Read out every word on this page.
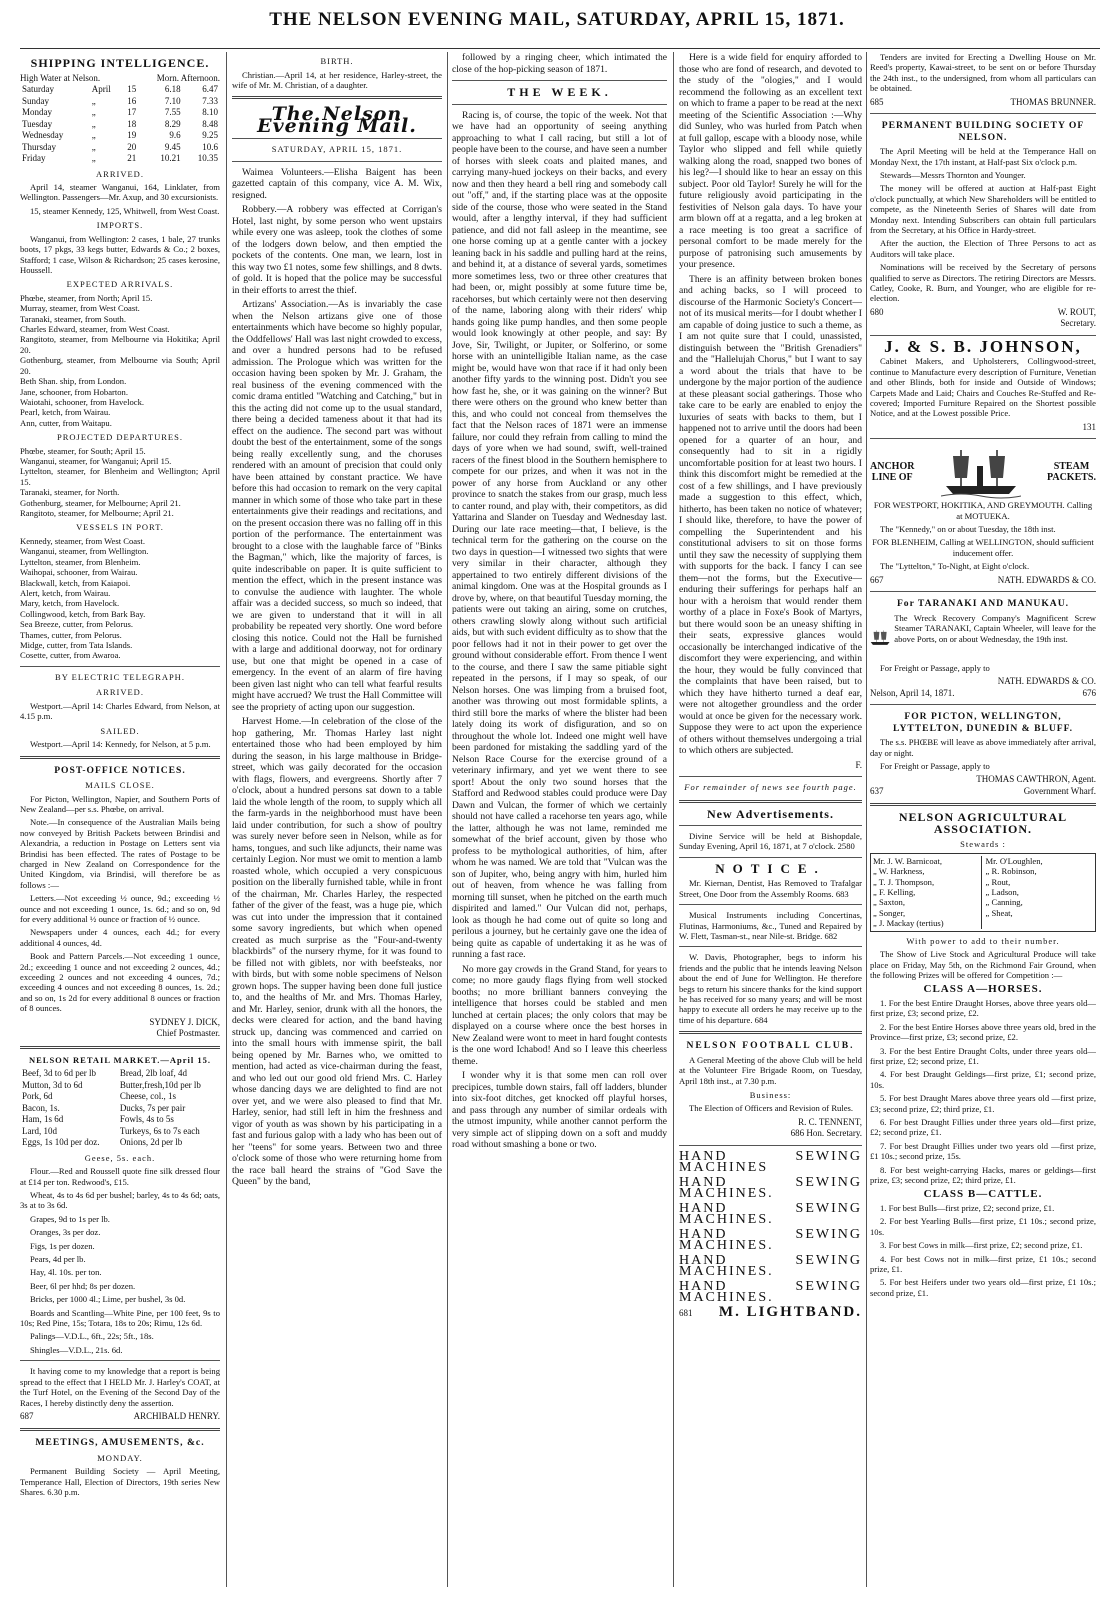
THE NELSON EVENING MAIL, SATURDAY, APRIL 15, 1871.
SHIPPING INTELLIGENCE.
High Water at Nelson.	Morn. Afternoon.
Saturday	April	15	6.18	6.47
Sunday	„	16	7.10	7.33
Monday	„	17	7.55	8.10
Tuesday	„	18	8.29	8.48
Wednesday	„	19	9.6	9.25
Thursday	„	20	9.45	10.6
Friday	„	21	10.21	10.35
ARRIVED.

April 14, steamer Wanganui, 164, Linklater, from Wellington. Passengers—Mr. Axup, and 30 excursionists.

15, steamer Kennedy, 125, Whitwell, from West Coast.

IMPORTS.

Wanganui, from Wellington: 2 cases, 1 bale, 27 trunks boots, 17 pkgs, 33 kegs butter, Edwards & Co.; 2 boxes, Stafford; 1 case, Wilson & Richardson; 25 cases kerosine, Houssell.

EXPECTED ARRIVALS.
Phœbe, steamer, from North; April 15.
Murray, steamer, from West Coast.
Taranaki, steamer, from South.
Charles Edward, steamer, from West Coast.
Rangitoto, steamer, from Melbourne via Hokitika; April 20.
Gothenburg, steamer, from Melbourne via South; April 20.
Beth Shan. ship, from London.
Jane, schooner, from Hobarton.
Waiotahi, schooner, from Havelock.
Pearl, ketch, from Wairau.
Ann, cutter, from Waitapu.
PROJECTED DEPARTURES.
Phœbe, steamer, for South; April 15.
Wanganui, steamer, for Wanganui; April 15.
Lyttelton, steamer, for Blenheim and Wellington; April 15.
Taranaki, steamer, for North.
Gothenburg, steamer, for Melbourne; April 21.
Rangitoto, steamer, for Melbourne; April 21.
VESSELS IN PORT.
Kennedy, steamer, from West Coast.
Wanganui, steamer, from Wellington.
Lyttelton, steamer, from Blenheim.
Waihopai, schooner, from Wairau.
Blackwall, ketch, from Kaiapoi.
Alert, ketch, from Wairau.
Mary, ketch, from Havelock.
Collingwood, ketch, from Bark Bay.
Sea Breeze, cutter, from Pelorus.
Thames, cutter, from Pelorus.
Midge, cutter, from Tata Islands.
Cosette, cutter, from Awaroa.
BY ELECTRIC TELEGRAPH.
ARRIVED.

Westport.—April 14: Charles Edward, from Nelson, at 4.15 p.m.

SAILED.

Westport.—April 14: Kennedy, for Nelson, at 5 p.m.

POST-OFFICE NOTICES.
MAILS CLOSE.

For Picton, Wellington, Napier, and Southern Ports of New Zealand—per s.s. Phœbe, on arrival.

Note.—In consequence of the Australian Mails being now conveyed by British Packets between Brindisi and Alexandria, a reduction in Postage on Letters sent via Brindisi has been effected. The rates of Postage to be charged in New Zealand on Correspondence for the United Kingdom, via Brindisi, will therefore be as follows :—

Letters.—Not exceeding ½ ounce, 9d.; exceeding ½ ounce and not exceeding 1 ounce, 1s. 6d.; and so on, 9d for every additional ½ ounce or fraction of ½ ounce.

Newspapers under 4 ounces, each 4d.; for every additional 4 ounces, 4d.

Book and Pattern Parcels.—Not exceeding 1 ounce, 2d.; exceeding 1 ounce and not exceeding 2 ounces, 4d.; exceeding 2 ounces and not exceeding 4 ounces, 7d.; exceeding 4 ounces and not exceeding 8 ounces, 1s. 2d.; and so on, 1s 2d for every additional 8 ounces or fraction of 8 ounces.

SYDNEY J. DICK,
Chief Postmaster.
NELSON RETAIL MARKET.—April 15.
Beef, 3d to 6d per lb	Bread, 2lb loaf, 4d
Mutton, 3d to 6d	Butter,fresh,10d per lb
Pork, 6d	Cheese, col., 1s
Bacon, 1s.	Ducks, 7s per pair
Ham, 1s 6d	Fowls, 4s to 5s
Lard, 10d	Turkeys, 6s to 7s each
Eggs, 1s 10d per doz.	Onions, 2d per lb
Geese, 5s. each.

Flour.—Red and Roussell quote fine silk dressed flour at £14 per ton. Redwood's, £15.

Wheat, 4s to 4s 6d per bushel; barley, 4s to 4s 6d; oats, 3s at to 3s 6d.

Grapes, 9d to 1s per lb.

Oranges, 3s per doz.

Figs, 1s per dozen.

Pears, 4d per lb.

Hay, 4l. 10s. per ton.

Beer, 6l per hhd; 8s per dozen.

Bricks, per 1000 4l.; Lime, per bushel, 3s 0d.

Boards and Scantling—White Pine, per 100 feet, 9s to 10s; Red Pine, 15s; Totara, 18s to 20s; Rimu, 12s 6d.

Palings—V.D.L., 6ft., 22s; 5ft., 18s.

Shingles—V.D.L., 21s. 6d.

It having come to my knowledge that a report is being spread to the effect that I HELD Mr. J. Harley's COAT, at the Turf Hotel, on the Evening of the Second Day of the Races, I hereby distinctly deny the assertion.

687	ARCHIBALD HENRY.
MEETINGS, AMUSEMENTS, &c.
MONDAY.

Permanent Building Society — April Meeting, Temperance Hall, Election of Directors, 19th series New Shares. 6.30 p.m.

BIRTH.

Christian.—April 14, at her residence, Harley-street, the wife of Mr. M. Christian, of a daughter.

The Nelson Evening Mail.
SATURDAY, APRIL 15, 1871.

Waimea Volunteers.—Elisha Baigent has been gazetted captain of this company, vice A. M. Wix, resigned.

Robbery.—A robbery was effected at Corrigan's Hotel, last night, by some person who went upstairs while every one was asleep, took the clothes of some of the lodgers down below, and then emptied the pockets of the contents. One man, we learn, lost in this way two £1 notes, some few shillings, and 8 dwts. of gold. It is hoped that the police may be successful in their efforts to arrest the thief.

Artizans' Association.—As is invariably the case when the Nelson artizans give one of those entertainments which have become so highly popular, the Oddfellows' Hall was last night crowded to excess, and over a hundred persons had to be refused admission. The Prologue which was written for the occasion having been spoken by Mr. J. Graham, the real business of the evening commenced with the comic drama entitled "Watching and Catching," but in this the acting did not come up to the usual standard, there being a decided tameness about it that had its effect on the audience. The second part was without doubt the best of the entertainment, some of the songs being really excellently sung, and the choruses rendered with an amount of precision that could only have been attained by constant practice. We have before this had occasion to remark on the very capital manner in which some of those who take part in these entertainments give their readings and recitations, and on the present occasion there was no falling off in this portion of the performance. The entertainment was brought to a close with the laughable farce of "Binks the Bagman," which, like the majority of farces, is quite indescribable on paper. It is quite sufficient to mention the effect, which in the present instance was to convulse the audience with laughter. The whole affair was a decided success, so much so indeed, that we are given to understand that it will in all probability be repeated very shortly. One word before closing this notice. Could not the Hall be furnished with a large and additional doorway, not for ordinary use, but one that might be opened in a case of emergency. In the event of an alarm of fire having been given last night who can tell what fearful results might have accrued? We trust the Hall Committee will see the propriety of acting upon our suggestion.

Harvest Home.—In celebration of the close of the hop gathering, Mr. Thomas Harley last night entertained those who had been employed by him during the season, in his large malthouse in Bridge-street, which was gaily decorated for the occasion with flags, flowers, and evergreens. Shortly after 7 o'clock, about a hundred persons sat down to a table laid the whole length of the room, to supply which all the farm-yards in the neighborhood must have been laid under contribution, for such a show of poultry was surely never before seen in Nelson, while as for hams, tongues, and such like adjuncts, their name was certainly Legion. Nor must we omit to mention a lamb roasted whole, which occupied a very conspicuous position on the liberally furnished table, while in front of the chairman, Mr. Charles Harley, the respected father of the giver of the feast, was a huge pie, which was cut into under the impression that it contained some savory ingredients, but which when opened created as much surprise as the "Four-and-twenty blackbirds" of the nursery rhyme, for it was found to be filled not with giblets, nor with beefsteaks, nor with birds, but with some noble specimens of Nelson grown hops. The supper having been done full justice to, and the healths of Mr. and Mrs. Thomas Harley, and Mr. Harley, senior, drunk with all the honors, the decks were cleared for action, and the band having struck up, dancing was commenced and carried on into the small hours with immense spirit, the ball being opened by Mr. Barnes who, we omitted to mention, had acted as vice-chairman during the feast, and who led out our good old friend Mrs. C. Harley whose dancing days we are delighted to find are not over yet, and we were also pleased to find that Mr. Harley, senior, had still left in him the freshness and vigor of youth as was shown by his participating in a fast and furious galop with a lady who has been out of her "teens" for some years. Between two and three o'clock some of those who were returning home from the race ball heard the strains of "God Save the Queen" by the band,

followed by a ringing cheer, which intimated the close of the hop-picking season of 1871.

THE WEEK.

Racing is, of course, the topic of the week. Not that we have had an opportunity of seeing anything approaching to what I call racing, but still a lot of people have been to the course, and have seen a number of horses with sleek coats and plaited manes, and carrying many-hued jockeys on their backs, and every now and then they heard a bell ring and somebody call out "off," and, if the starting place was at the opposite side of the course, those who were seated in the Stand would, after a lengthy interval, if they had sufficient patience, and did not fall asleep in the meantime, see one horse coming up at a gentle canter with a jockey leaning back in his saddle and pulling hard at the reins, and behind it, at a distance of several yards, sometimes more sometimes less, two or three other creatures that had been, or, might possibly at some future time be, racehorses, but which certainly were not then deserving of the name, laboring along with their riders' whip hands going like pump handles, and then some people would look knowingly at other people, and say: By Jove, Sir, Twilight, or Jupiter, or Solferino, or some horse with an unintelligible Italian name, as the case might be, would have won that race if it had only been another fifty yards to the winning post. Didn't you see how fast he, she, or it was gaining on the winner? But there were others on the ground who knew better than this, and who could not conceal from themselves the fact that the Nelson races of 1871 were an immense failure, nor could they refrain from calling to mind the days of yore when we had sound, swift, well-trained racers of the finest blood in the Southern hemisphere to compete for our prizes, and when it was not in the power of any horse from Auckland or any other province to snatch the stakes from our grasp, much less to canter round, and play with, their competitors, as did Yattarina and Slander on Tuesday and Wednesday last. During our late race meeting—that, I believe, is the technical term for the gathering on the course on the two days in question—I witnessed two sights that were very similar in their character, although they appertained to two entirely different divisions of the animal kingdom. One was at the Hospital grounds as I drove by, where, on that beautiful Tuesday morning, the patients were out taking an airing, some on crutches, others crawling slowly along without such artificial aids, but with such evident difficulty as to show that the poor fellows had it not in their power to get over the ground without considerable effort. From thence I went to the course, and there I saw the same pitiable sight repeated in the persons, if I may so speak, of our Nelson horses. One was limping from a bruised foot, another was throwing out most formidable splints, a third still bore the marks of where the blister had been lately doing its work of disfiguration, and so on throughout the whole lot. Indeed one might well have been pardoned for mistaking the saddling yard of the Nelson Race Course for the exercise ground of a veterinary infirmary, and yet we went there to see sport! About the only two sound horses that the Stafford and Redwood stables could produce were Day Dawn and Vulcan, the former of which we certainly should not have called a racehorse ten years ago, while the latter, although he was not lame, reminded me somewhat of the brief account, given by those who profess to be mythological authorities, of him, after whom he was named. We are told that "Vulcan was the son of Jupiter, who, being angry with him, hurled him out of heaven, from whence he was falling from morning till sunset, when he pitched on the earth much dispirited and lamed." Our Vulcan did not, perhaps, look as though he had come out of quite so long and perilous a journey, but he certainly gave one the idea of being quite as capable of undertaking it as he was of running a fast race.

No more gay crowds in the Grand Stand, for years to come; no more gaudy flags flying from well stocked booths; no more brilliant banners conveying the intelligence that horses could be stabled and men lunched at certain places; the only colors that may be displayed on a course where once the best horses in New Zealand were wont to meet in hard fought contests is the one word Ichabod! And so I leave this cheerless theme.

I wonder why it is that some men can roll over precipices, tumble down stairs, fall off ladders, blunder into six-foot ditches, get knocked off playful horses, and pass through any number of similar ordeals with the utmost impunity, while another cannot perform the very simple act of slipping down on a soft and muddy road without smashing a bone or two.

Here is a wide field for enquiry afforded to those who are fond of research, and devoted to the study of the "ologies," and I would recommend the following as an excellent text on which to frame a paper to be read at the next meeting of the Scientific Association :—Why did Sunley, who was hurled from Patch when at full gallop, escape with a bloody nose, while Taylor who slipped and fell while quietly walking along the road, snapped two bones of his leg?—I should like to hear an essay on this subject. Poor old Taylor! Surely he will for the future religiously avoid participating in the festivities of Nelson gala days. To have your arm blown off at a regatta, and a leg broken at a race meeting is too great a sacrifice of personal comfort to be made merely for the purpose of patronising such amusements by your presence.

There is an affinity between broken bones and aching backs, so I will proceed to discourse of the Harmonic Society's Concert—not of its musical merits—for I doubt whether I am capable of doing justice to such a theme, as I am not quite sure that I could, unassisted, distinguish between the "British Grenadiers" and the "Hallelujah Chorus," but I want to say a word about the trials that have to be undergone by the major portion of the audience at these pleasant social gatherings. Those who take care to be early are enabled to enjoy the luxuries of seats with backs to them, but I happened not to arrive until the doors had been opened for a quarter of an hour, and consequently had to sit in a rigidly uncomfortable position for at least two hours. I think this discomfort might be remedied at the cost of a few shillings, and I have previously made a suggestion to this effect, which, hitherto, has been taken no notice of whatever; I should like, therefore, to have the power of compelling the Superintendent and his constitutional advisers to sit on those forms until they saw the necessity of supplying them with supports for the back. I fancy I can see them—not the forms, but the Executive—enduring their sufferings for perhaps half an hour with a heroism that would render them worthy of a place in Foxe's Book of Martyrs, but there would soon be an uneasy shifting in their seats, expressive glances would occasionally be interchanged indicative of the discomfort they were experiencing, and within the hour, they would be fully convinced that the complaints that have been raised, but to which they have hitherto turned a deaf ear, were not altogether groundless and the order would at once be given for the necessary work. Suppose they were to act upon the experience of others without themselves undergoing a trial to which others are subjected.

F.
For remainder of news see fourth page.
New Advertisements.

Divine Service will be held at Bishopdale, Sunday Evening, April 16, 1871, at 7 o'clock. 2580

NOTICE.

Mr. Kiernan, Dentist, Has Removed to Trafalgar Street, One Door from the Assembly Rooms. 683

Musical Instruments including Concertinas, Flutinas, Harmoniums, &c., Tuned and Repaired by W. Flett, Tasman-st., near Nile-st. Bridge. 682

W. Davis, Photographer, begs to inform his friends and the public that he intends leaving Nelson about the end of June for Wellington. He therefore begs to return his sincere thanks for the kind support he has received for so many years; and will be most happy to execute all orders he may receive up to the time of his departure. 684

NELSON FOOTBALL CLUB.

A General Meeting of the above Club will be held at the Volunteer Fire Brigade Room, on Tuesday, April 18th inst., at 7.30 p.m.

Business:

The Election of Officers and Revision of Rules.

R. C. TENNENT,
686 Hon. Secretary.
HAND SEWING MACHINES
HAND SEWING MACHINES.
HAND SEWING MACHINES.
HAND SEWING MACHINES.
HAND SEWING MACHINES.
HAND SEWING MACHINES.
681 M. LIGHTBAND.

Tenders are invited for Erecting a Dwelling House on Mr. Reed's property, Kawai-street, to be sent on or before Thursday the 24th inst., to the undersigned, from whom all particulars can be obtained.

685	THOMAS BRUNNER.
PERMANENT BUILDING SOCIETY OF NELSON.

The April Meeting will be held at the Temperance Hall on Monday Next, the 17th instant, at Half-past Six o'clock p.m.

Stewards—Messrs Thornton and Younger.

The money will be offered at auction at Half-past Eight o'clock punctually, at which New Shareholders will be entitled to compete, as the Nineteenth Series of Shares will date from Monday next. Intending Subscribers can obtain full particulars from the Secretary, at his Office in Hardy-street.

After the auction, the Election of Three Persons to act as Auditors will take place.

Nominations will be received by the Secretary of persons qualified to serve as Directors. The retiring Directors are Messrs. Catley, Cooke, R. Burn, and Younger, who are eligible for re-election.

680	W. ROUT,
Secretary.
J. & S. B. JOHNSON,

Cabinet Makers, and Upholsterers, Collingwood-street, continue to Manufacture every description of Furniture, Venetian and other Blinds, both for inside and Outside of Windows; Carpets Made and Laid; Chairs and Couches Re-Stuffed and Re-covered; Imported Furniture Repaired on the Shortest possible Notice, and at the Lowest possible Price.

131
ANCHOR
LINE OF
STEAM
PACKETS.

FOR WESTPORT, HOKITIKA, AND GREYMOUTH. Calling at MOTUEKA.

The "Kennedy," on or about Tuesday, the 18th inst.

FOR BLENHEIM, Calling at WELLINGTON, should sufficient inducement offer.

The "Lyttelton," To-Night, at Eight o'clock.

667	NATH. EDWARDS & CO.
For TARANAKI AND MANUKAU.

The Wreck Recovery Company's Magnificent Screw Steamer TARANAKI, Captain Wheeler, will leave for the above Ports, on or about Wednesday, the 19th inst.

For Freight or Passage, apply to

NATH. EDWARDS & CO.
Nelson, April 14, 1871.	676
FOR PICTON, WELLINGTON, LYTTELTON, DUNEDIN & BLUFF.

The s.s. PHŒBE will leave as above immediately after arrival, day or night.

For Freight or Passage, apply to

THOMAS CAWTHRON, Agent.
637	Government Wharf.
NELSON AGRICULTURAL ASSOCIATION.
Stewards :
Mr. J. W. Barnicoat,
„ W. Harkness,
„ T. J. Thompson,
„ F. Kelling,
„ Saxton,
„ Songer,
„ J. Mackay (tertius)
Mr. O'Loughlen,
„ R. Robinson,
„ Rout,
„ Ladson,
„ Canning,
„ Sheat,
With power to add to their number.

The Show of Live Stock and Agricultural Produce will take place on Friday, May 5th, on the Richmond Fair Ground, when the following Prizes will be offered for Competition :—

CLASS A—HORSES.

1. For the best Entire Draught Horses, above three years old—first prize, £3; second prize, £2.

2. For the best Entire Horses above three years old, bred in the Province—first prize, £3; second prize, £2.

3. For the best Entire Draught Colts, under three years old—first prize, £2; second prize, £1.

4. For best Draught Geldings—first prize, £1; second prize, 10s.

5. For best Draught Mares above three years old —first prize, £3; second prize, £2; third prize, £1.

6. For best Draught Fillies under three years old—first prize, £2; second prize, £1.

7. For best Draught Fillies under two years old —first prize, £1 10s.; second prize, 15s.

8. For best weight-carrying Hacks, mares or geldings—first prize, £3; second prize, £2; third prize, £1.

CLASS B—CATTLE.

1. For best Bulls—first prize, £2; second prize, £1.

2. For best Yearling Bulls—first prize, £1 10s.; second prize, 10s.

3. For best Cows in milk—first prize, £2; second prize, £1.

4. For best Cows not in milk—first prize, £1 10s.; second prize, £1.

5. For best Heifers under two years old—first prize, £1 10s.; second prize, £1.
